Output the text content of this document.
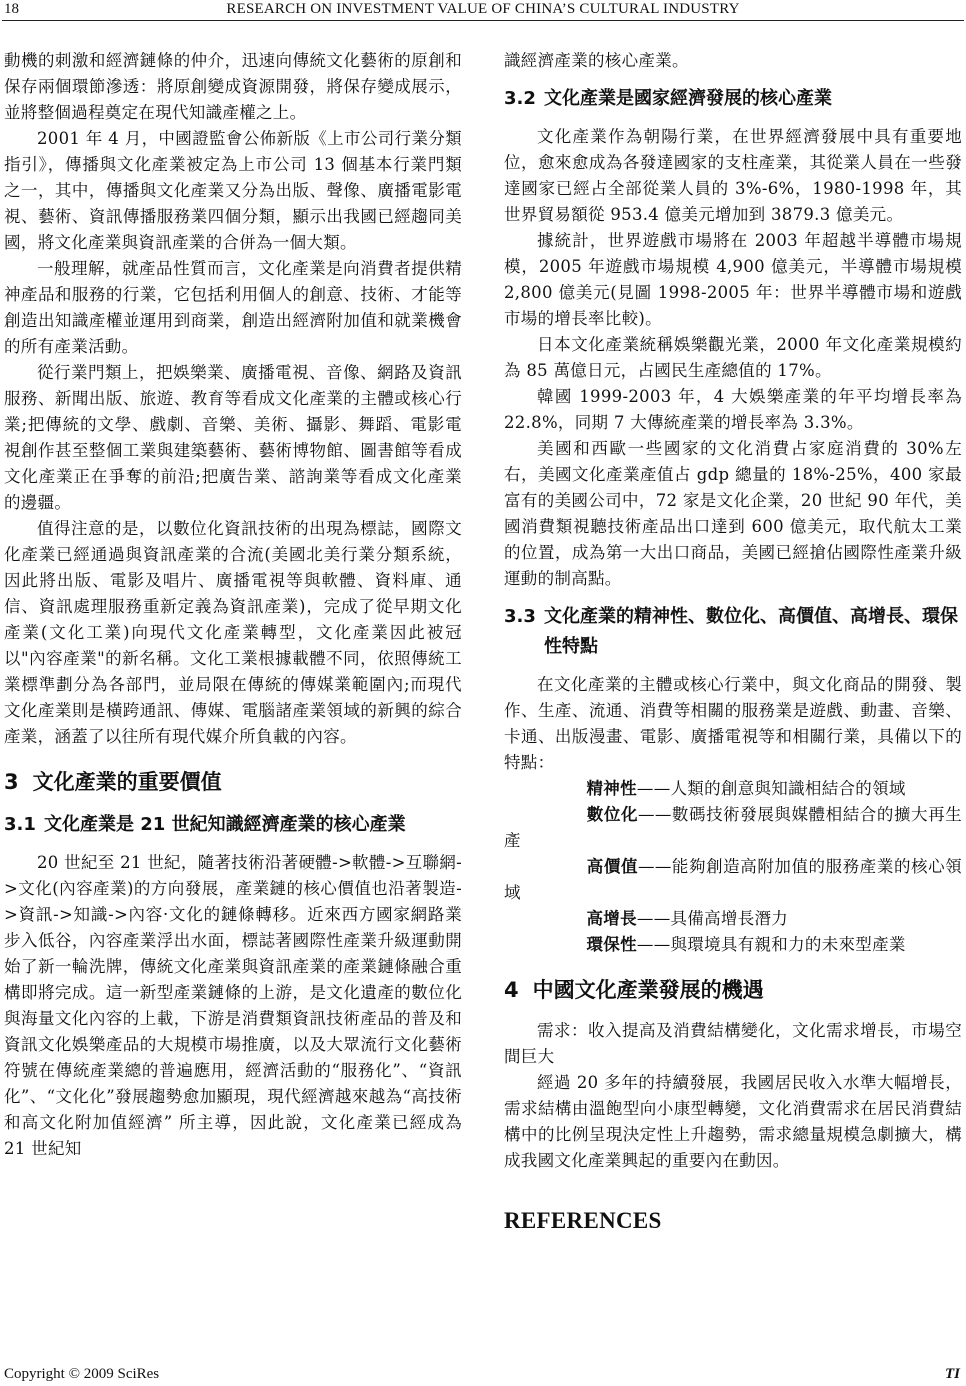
18	RESEARCH ON INVESTMENT VALUE OF CHINA’S CULTURAL INDUSTRY

動機的刺激和經濟鏈條的仲介，迅速向傳統文化藝術的原創和保存兩個環節滲透：將原創變成資源開發，將保存變成展示，並將整個過程奠定在現代知識產權之上。

2001 年 4 月，中國證監會公佈新版《上市公司行業分類指引》，傳播與文化產業被定為上市公司 13 個基本行業門類之一，其中，傳播與文化產業又分為出版、聲像、廣播電影電視、藝術、資訊傳播服務業四個分類，顯示出我國已經趨同美國，將文化產業與資訊產業的合併為一個大類。

一般理解，就產品性質而言，文化產業是向消費者提供精神產品和服務的行業，它包括利用個人的創意、技術、才能等創造出知識產權並運用到商業，創造出經濟附加值和就業機會的所有產業活動。

從行業門類上，把娛樂業、廣播電視、音像、網路及資訊服務、新聞出版、旅遊、教育等看成文化產業的主體或核心行業;把傳統的文學、戲劇、音樂、美術、攝影、舞蹈、電影電視創作甚至整個工業與建築藝術、藝術博物館、圖書館等看成文化產業正在爭奪的前沿;把廣告業、諮詢業等看成文化產業的邊疆。

值得注意的是，以數位化資訊技術的出現為標誌，國際文化產業已經通過與資訊產業的合流(美國北美行業分類系統，因此將出版、電影及唱片、廣播電視等與軟體、資料庫、通信、資訊處理服務重新定義為資訊產業)，完成了從早期文化產業(文化工業)向現代文化產業轉型，文化產業因此被冠以"內容產業"的新名稱。文化工業根據載體不同，依照傳統工業標準劃分為各部門，並局限在傳統的傳媒業範圍內;而現代文化產業則是橫跨通訊、傳媒、電腦諸產業領域的新興的綜合產業，涵蓋了以往所有現代媒介所負載的內容。

3 文化產業的重要價值
3.1 文化產業是 21 世紀知識經濟產業的核心產業

20 世紀至 21 世紀，隨著技術沿著硬體->軟體->互聯網->文化(內容產業)的方向發展，產業鏈的核心價值也沿著製造->資訊->知識->內容·文化的鏈條轉移。近來西方國家網路業步入低谷，內容產業浮出水面，標誌著國際性產業升級運動開始了新一輪洗牌，傳統文化產業與資訊產業的產業鏈條融合重構即將完成。這一新型產業鏈條的上游，是文化遺產的數位化與海量文化內容的上載，下游是消費類資訊技術產品的普及和資訊文化娛樂產品的大規模市場推廣，以及大眾流行文化藝術符號在傳統產業總的普遍應用，經濟活動的“服務化”、“資訊化”、“文化化”發展趨勢愈加顯現，現代經濟越來越為“高技術和高文化附加值經濟” 所主導，因此說，文化產業已經成為 21 世紀知

識經濟產業的核心產業。

3.2 文化產業是國家經濟發展的核心產業

文化產業作為朝陽行業，在世界經濟發展中具有重要地位，愈來愈成為各發達國家的支柱產業，其從業人員在一些發達國家已經占全部從業人員的 3%-6%，1980-1998 年，其世界貿易額從 953.4 億美元增加到 3879.3 億美元。

據統計，世界遊戲市場將在 2003 年超越半導體市場規模，2005 年遊戲市場規模 4,900 億美元，半導體市場規模 2,800 億美元(見圖 1998-2005 年：世界半導體市場和遊戲市場的增長率比較)。

日本文化產業統稱娛樂觀光業，2000 年文化產業規模約為 85 萬億日元，占國民生產總值的 17%。

韓國 1999-2003 年，4 大娛樂產業的年平均增長率為 22.8%，同期 7 大傳統產業的增長率為 3.3%。

美國和西歐一些國家的文化消費占家庭消費的 30%左右，美國文化產業產值占 gdp 總量的 18%-25%，400 家最富有的美國公司中，72 家是文化企業，20 世紀 90 年代，美國消費類視聽技術產品出口達到 600 億美元，取代航太工業的位置，成為第一大出口商品，美國已經搶佔國際性產業升級運動的制高點。

3.3 文化產業的精神性、數位化、高價值、高增長、環保性特點

在文化產業的主體或核心行業中，與文化商品的開發、製作、生產、流通、消費等相關的服務業是遊戲、動畫、音樂、卡通、出版漫畫、電影、廣播電視等和相關行業，具備以下的特點：

精神性——人類的創意與知識相結合的領域

數位化——數碼技術發展與媒體相結合的擴大再生產

高價值——能夠創造高附加值的服務產業的核心領域

高增長——具備高增長潛力

環保性——與環境具有親和力的未來型產業

4 中國文化產業發展的機遇

需求：收入提高及消費結構變化，文化需求增長，市場空間巨大

經過 20 多年的持續發展，我國居民收入水準大幅增長，需求結構由溫飽型向小康型轉變，文化消費需求在居民消費結構中的比例呈現決定性上升趨勢，需求總量規模急劇擴大，構成我國文化產業興起的重要內在動因。

REFERENCES
Copyright © 2009 SciRes	TI
